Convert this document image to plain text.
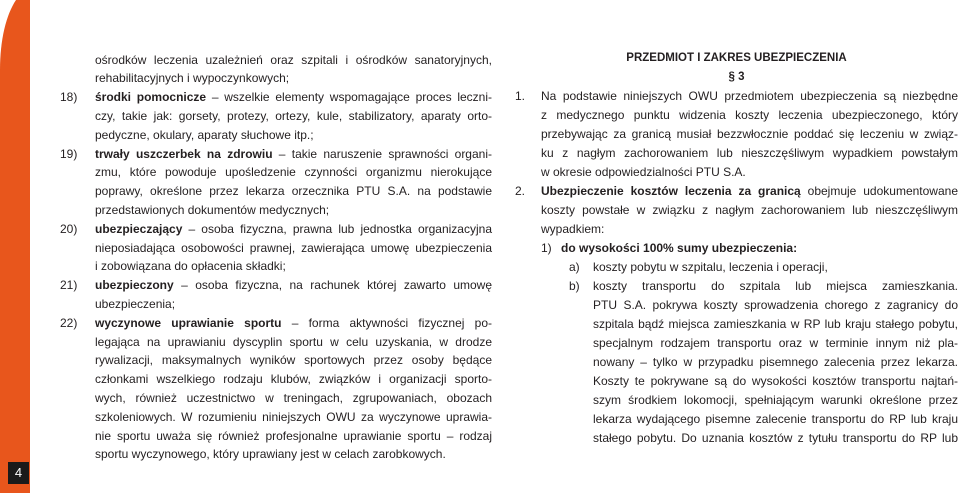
4
ośrodków leczenia uzależnień oraz szpitali i ośrodków sanatoryjnych,
rehabilitacyjnych i wypoczynkowych;
18) środki pomocnicze – wszelkie elementy wspomagające proces leczni-
czy, takie jak: gorsety, protezy, ortezy, kule, stabilizatory, aparaty orto-
pedyczne, okulary, aparaty słuchowe itp.;
19) trwały uszczerbek na zdrowiu – takie naruszenie sprawności organi-
zmu, które powoduje upośledzenie czynności organizmu nierokujące
poprawy, określone przez lekarza orzecznika PTU S.A. na podstawie
przedstawionych dokumentów medycznych;
20) ubezpieczający – osoba fizyczna, prawna lub jednostka organizacyjna
nieposiadająca osobowości prawnej, zawierająca umowę ubezpieczenia
i zobowiązana do opłacenia składki;
21) ubezpieczony – osoba fizyczna, na rachunek której zawarto umowę
ubezpieczenia;
22) wyczynowe uprawianie sportu – forma aktywności fizycznej po-
legająca na uprawianiu dyscyplin sportu w celu uzyskania, w drodze
rywalizacji, maksymalnych wyników sportowych przez osoby będące
członkami wszelkiego rodzaju klubów, związków i organizacji sporto-
wych, również uczestnictwo w treningach, zgrupowaniach, obozach
szkoleniowych. W rozumieniu niniejszych OWU za wyczynowe uprawia-
nie sportu uważa się również profesjonalne uprawianie sportu – rodzaj
sportu wyczynowego, który uprawiany jest w celach zarobkowych.
PRZEDMIOT I ZAKRES UBEZPIECZENIA
§ 3
1. Na podstawie niniejszych OWU przedmiotem ubezpieczenia są niezbędne
z medycznego punktu widzenia koszty leczenia ubezpieczonego, który
przebywając za granicą musiał bezzwłocznie poddać się leczeniu w związ-
ku z nagłym zachorowaniem lub nieszczęśliwym wypadkiem powstałym
w okresie odpowiedzialności PTU S.A.
2. Ubezpieczenie kosztów leczenia za granicą obejmuje udokumentowane
koszty powstałe w związku z nagłym zachorowaniem lub nieszczęśliwym
wypadkiem:
1) do wysokości 100% sumy ubezpieczenia:
a) koszty pobytu w szpitalu, leczenia i operacji,
b) koszty transportu do szpitala lub miejsca zamieszkania.
PTU S.A. pokrywa koszty sprowadzenia chorego z zagranicy do
szpitala bądź miejsca zamieszkania w RP lub kraju stałego pobytu,
specjalnym rodzajem transportu oraz w terminie innym niż pla-
nowany – tylko w przypadku pisemnego zalecenia przez lekarza.
Koszty te pokrywane są do wysokości kosztów transportu najtań-
szym środkiem lokomocji, spełniającym warunki określone przez
lekarza wydającego pisemne zalecenie transportu do RP lub kraju
stałego pobytu. Do uznania kosztów z tytułu transportu do RP lub
